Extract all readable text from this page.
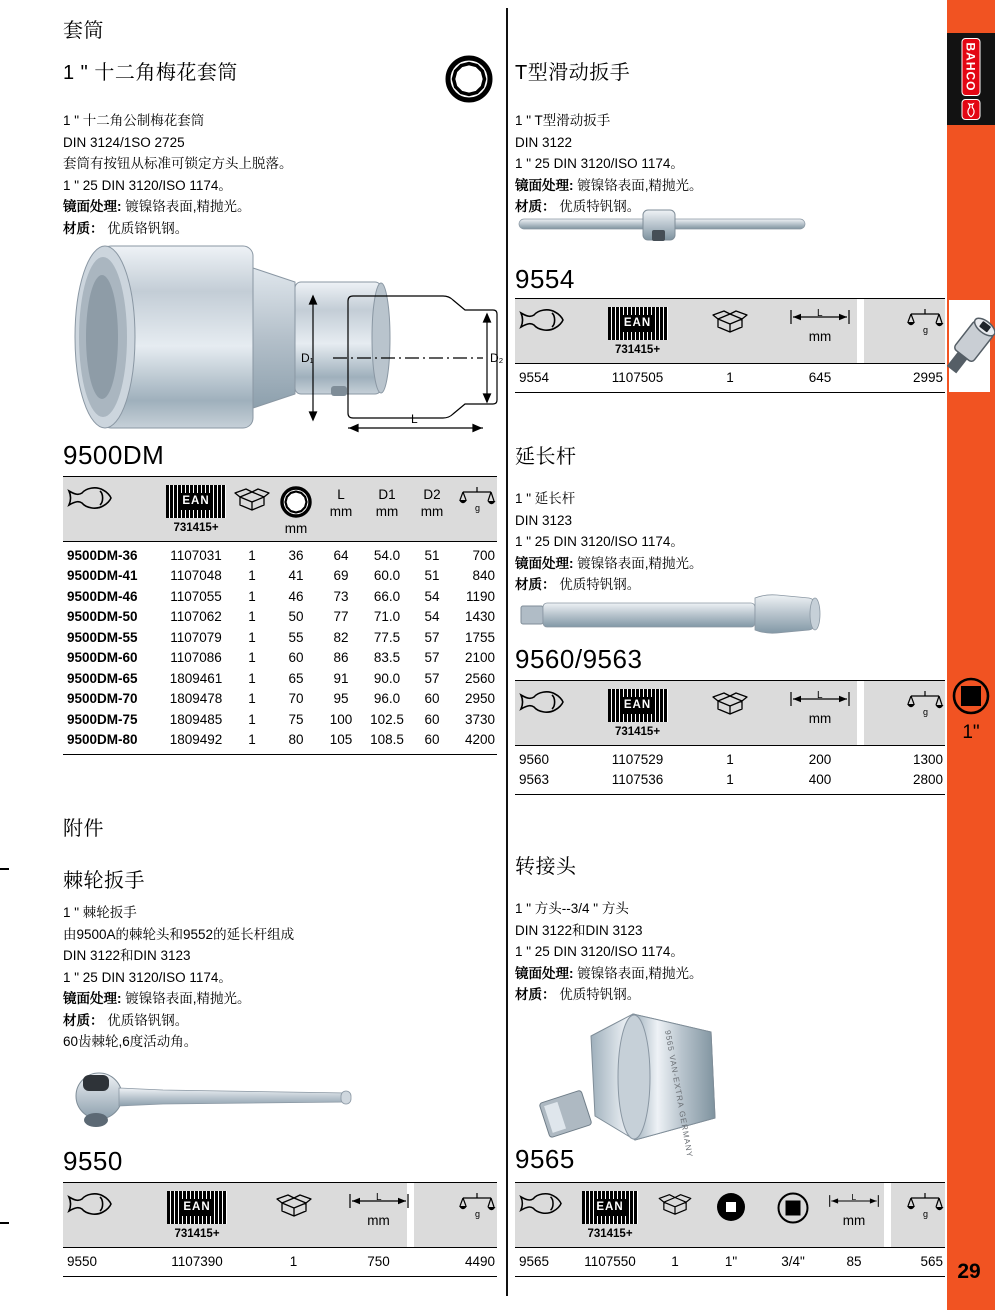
套筒
1 " 十二角梅花套筒

1 " 十二角公制梅花套筒

DIN 3124/1SO 2725

套筒有按钮从标准可锁定方头上脱落。

1 " 25 DIN 3120/ISO 1174。

镜面处理: 镀镍铬表面,精抛光。

材质： 优质铬钒钢。

D₁	D₂
L
9500DM
EAN
731415+	mm
L
mm
D1
mm
D2
mm	g
9500DM-36	1107031	1	36	64	54.0	51	700
9500DM-41	1107048	1	41	69	60.0	51	840
9500DM-46	1107055	1	46	73	66.0	54	1190
9500DM-50	1107062	1	50	77	71.0	54	1430
9500DM-55	1107079	1	55	82	77.5	57	1755
9500DM-60	1107086	1	60	86	83.5	57	2100
9500DM-65	1809461	1	65	91	90.0	57	2560
9500DM-70	1809478	1	70	95	96.0	60	2950
9500DM-75	1809485	1	75	100	102.5	60	3730
9500DM-80	1809492	1	80	105	108.5	60	4200
附件
棘轮扳手

1 " 棘轮扳手

由9500A的棘轮头和9552的延长杆组成

DIN 3122和DIN 3123

1 " 25 DIN 3120/ISO 1174。

镜面处理: 镀镍铬表面,精抛光。

材质： 优质铬钒钢。

60齿棘轮,6度活动角。

9550
EAN
731415+
L
mm	g
9550	1107390	1	750	4490
T型滑动扳手

1 " T型滑动扳手

DIN 3122

1 " 25 DIN 3120/ISO 1174。

镜面处理: 镀镍铬表面,精抛光。

材质： 优质特钒钢。

9554
EAN
731415+
L
mm	g
9554	1107505	1	645	2995
延长杆

1 " 延长杆

DIN 3123

1 " 25 DIN 3120/ISO 1174。

镜面处理: 镀镍铬表面,精抛光。

材质： 优质特钒钢。

9560/9563
EAN
731415+
L
mm	g
9560	1107529	1	200	1300
9563	1107536	1	400	2800
转接头

1 " 方头--3/4 " 方头

DIN 3122和DIN 3123

1 " 25 DIN 3120/ISO 1174。

镜面处理: 镀镍铬表面,精抛光。

材质： 优质特钒钢。

9565 VAN-EXTRA GERMANY
9565
EAN
731415+
L
mm	g
9565	1107550	1	1"	3/4"	85	565
BAHCO
1"
29
